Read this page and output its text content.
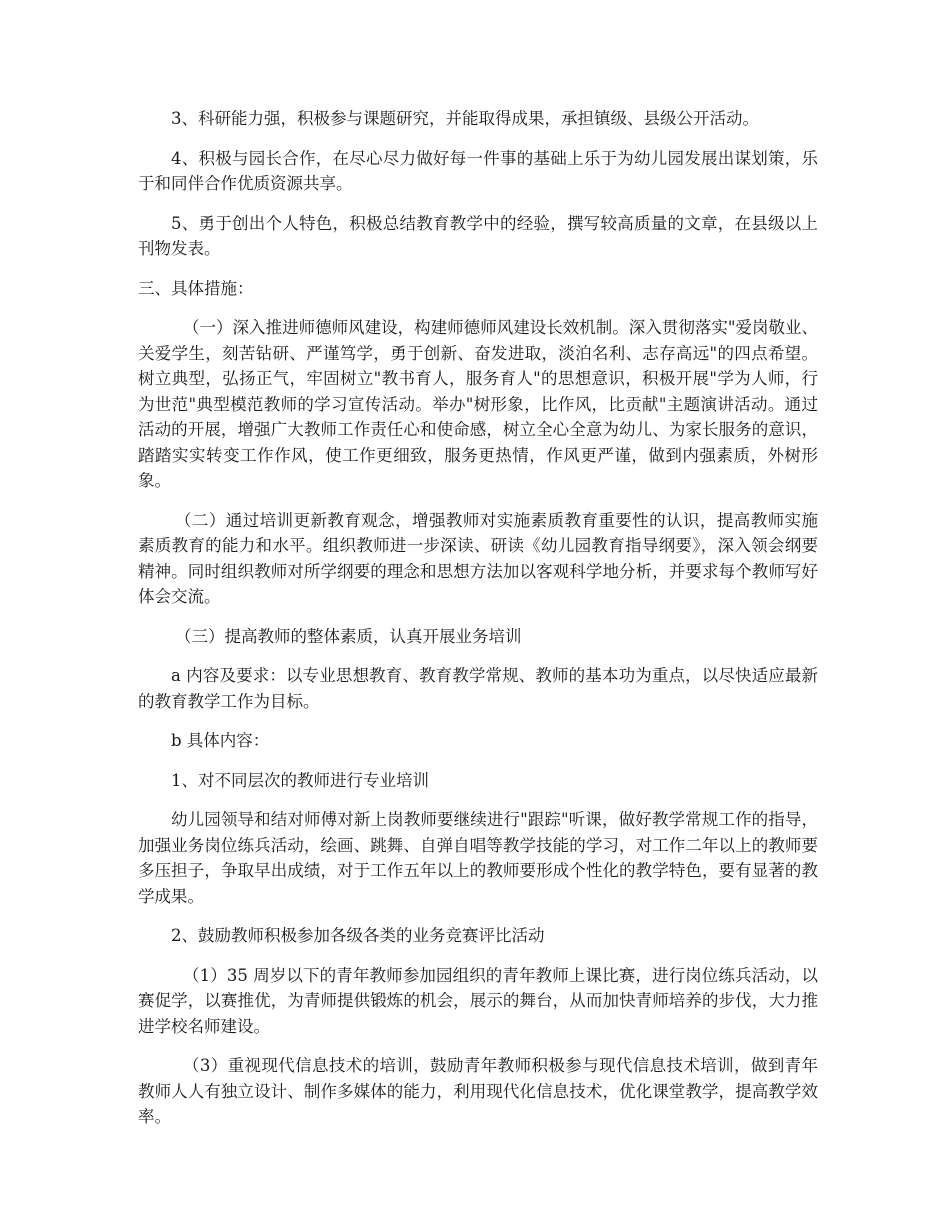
3、科研能力强，积极参与课题研究，并能取得成果，承担镇级、县级公开活动。

4、积极与园长合作，在尽心尽力做好每一件事的基础上乐于为幼儿园发展出谋划策，乐于和同伴合作优质资源共享。

5、勇于创出个人特色，积极总结教育教学中的经验，撰写较高质量的文章，在县级以上刊物发表。

三、具体措施：

（一）深入推进师德师风建设，构建师德师风建设长效机制。深入贯彻落实"爱岗敬业、关爱学生，刻苦钻研、严谨笃学，勇于创新、奋发进取，淡泊名利、志存高远"的四点希望。树立典型，弘扬正气，牢固树立"教书育人，服务育人"的思想意识，积极开展"学为人师，行为世范"典型模范教师的学习宣传活动。举办"树形象，比作风，比贡献"主题演讲活动。通过活动的开展，增强广大教师工作责任心和使命感，树立全心全意为幼儿、为家长服务的意识，踏踏实实转变工作作风，使工作更细致，服务更热情，作风更严谨，做到内强素质，外树形象。

（二）通过培训更新教育观念，增强教师对实施素质教育重要性的认识，提高教师实施素质教育的能力和水平。组织教师进一步深读、研读《幼儿园教育指导纲要》，深入领会纲要精神。同时组织教师对所学纲要的理念和思想方法加以客观科学地分析，并要求每个教师写好体会交流。

（三）提高教师的整体素质，认真开展业务培训

a 内容及要求：以专业思想教育、教育教学常规、教师的基本功为重点，以尽快适应最新的教育教学工作为目标。

b 具体内容：

1、对不同层次的教师进行专业培训

幼儿园领导和结对师傅对新上岗教师要继续进行"跟踪"听课，做好教学常规工作的指导，加强业务岗位练兵活动，绘画、跳舞、自弹自唱等教学技能的学习，对工作二年以上的教师要多压担子，争取早出成绩，对于工作五年以上的教师要形成个性化的教学特色，要有显著的教学成果。

2、鼓励教师积极参加各级各类的业务竞赛评比活动

（1）35 周岁以下的青年教师参加园组织的青年教师上课比赛，进行岗位练兵活动，以赛促学，以赛推优，为青师提供锻炼的机会，展示的舞台，从而加快青师培养的步伐，大力推进学校名师建设。

（3）重视现代信息技术的培训，鼓励青年教师积极参与现代信息技术培训，做到青年教师人人有独立设计、制作多媒体的能力，利用现代化信息技术，优化课堂教学，提高教学效率。
